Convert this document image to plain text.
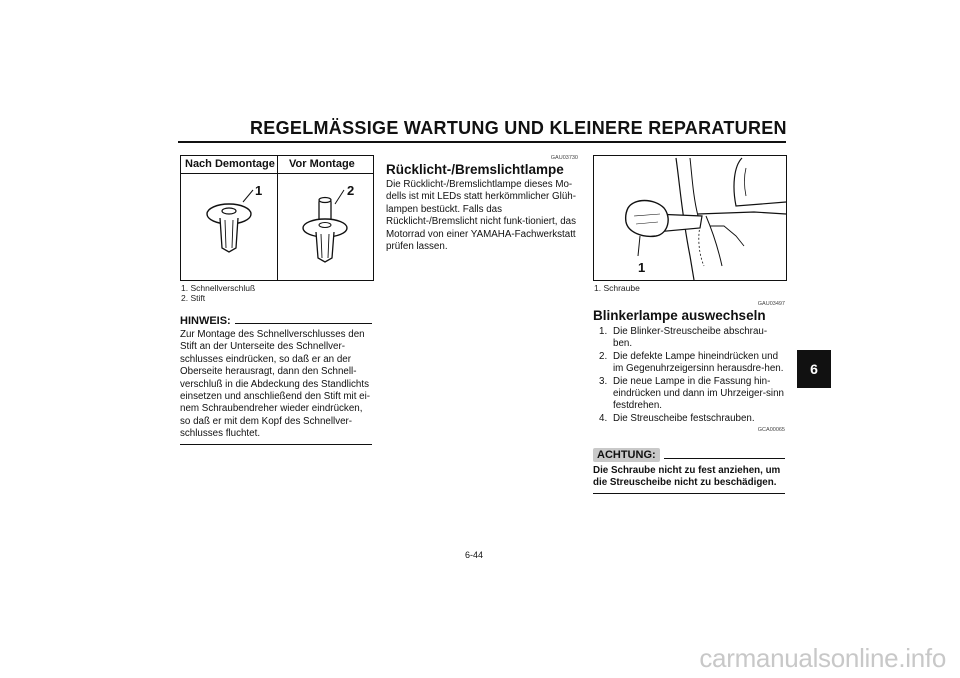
REGELMÄSSIGE WARTUNG UND KLEINERE REPARATUREN
6
Nach Demontage Vor Montage
1	2
1. Schnellverschluß
2. Stift
HINWEIS:
Zur Montage des Schnellverschlusses den Stift an der Unterseite des Schnellver-schlusses eindrücken, so daß er an der Oberseite herausragt, dann den Schnell-verschluß in die Abdeckung des Standlichts einsetzen und anschließend den Stift mit ei-nem Schraubendreher wieder eindrücken, so daß er mit dem Kopf des Schnellver-schlusses fluchtet.
GAU03730
Rücklicht-/Bremslichtlampe
Die Rücklicht-/Bremslichtlampe dieses Mo-dells ist mit LEDs statt herkömmlicher Glüh-lampen bestückt. Falls das Rücklicht-/Bremslicht nicht funk-tioniert, das Motorrad von einer YAMAHA-Fachwerkstatt prüfen lassen.
1
1. Schraube
GAU03497
Blinkerlampe auswechseln
1. Die Blinker-Streuscheibe abschrau-ben.
2. Die defekte Lampe hineindrücken und im Gegenuhrzeigersinn herausdre-hen.
3. Die neue Lampe in die Fassung hin-eindrücken und dann im Uhrzeiger-sinn festdrehen.
4. Die Streuscheibe festschrauben.
GCA00065
ACHTUNG:
Die Schraube nicht zu fest anziehen, um die Streuscheibe nicht zu beschädigen.
6-44
carmanualsonline.info
